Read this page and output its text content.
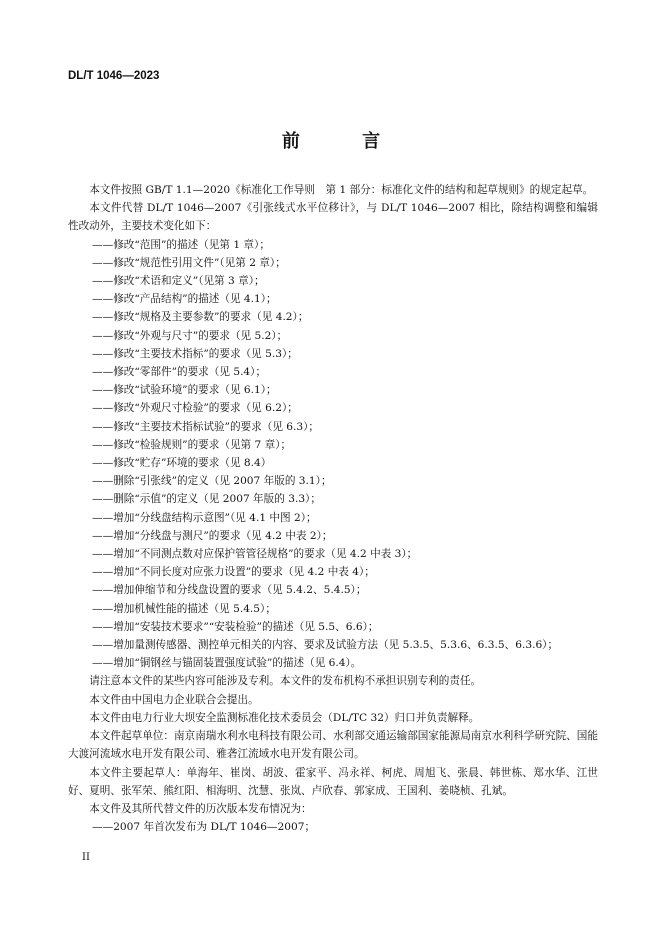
DL/T 1046—2023
前 言

本文件按照 GB/T 1.1—2020《标准化工作导则　第 1 部分：标准化文件的结构和起草规则》的规定起草。

本文件代替 DL/T 1046—2007《引张线式水平位移计》，与 DL/T 1046—2007 相比，除结构调整和编辑性改动外，主要技术变化如下：

——修改“范围”的描述（见第 1 章）；

——修改“规范性引用文件”（见第 2 章）；

——修改“术语和定义”（见第 3 章）；

——修改“产品结构”的描述（见 4.1）；

——修改“规格及主要参数”的要求（见 4.2）；

——修改“外观与尺寸”的要求（见 5.2）；

——修改“主要技术指标”的要求（见 5.3）；

——修改“零部件”的要求（见 5.4）；

——修改“试验环境”的要求（见 6.1）；

——修改“外观尺寸检验”的要求（见 6.2）；

——修改“主要技术指标试验”的要求（见 6.3）；

——修改“检验规则”的要求（见第 7 章）；

——修改“贮存”环境的要求（见 8.4）

——删除“引张线”的定义（见 2007 年版的 3.1）；

——删除“示值”的定义（见 2007 年版的 3.3）；

——增加“分线盘结构示意图”（见 4.1 中图 2）；

——增加“分线盘与测尺”的要求（见 4.2 中表 2）；

——增加“不同测点数对应保护管管径规格”的要求（见 4.2 中表 3）；

——增加“不同长度对应张力设置”的要求（见 4.2 中表 4）；

——增加伸缩节和分线盘设置的要求（见 5.4.2、5.4.5）；

——增加机械性能的描述（见 5.4.5）；

——增加“安装技术要求”“安装检验”的描述（见 5.5、6.6）；

——增加量测传感器、测控单元相关的内容、要求及试验方法（见 5.3.5、5.3.6、6.3.5、6.3.6）；

——增加“铜钢丝与锚固装置强度试验”的描述（见 6.4）。

请注意本文件的某些内容可能涉及专利。本文件的发布机构不承担识别专利的责任。

本文件由中国电力企业联合会提出。

本文件由电力行业大坝安全监测标准化技术委员会（DL/TC 32）归口并负责解释。

本文件起草单位：南京南瑞水利水电科技有限公司、水利部交通运输部国家能源局南京水利科学研究院、国能大渡河流域水电开发有限公司、雅砻江流域水电开发有限公司。

本文件主要起草人：单海年、崔岗、胡波、霍家平、冯永祥、柯虎、周旭飞、张晨、韩世栋、郑水华、江世好、夏明、张军荣、熊红阳、相海明、沈慧、张岚、卢欣春、郭家成、王国利、姜晓桢、孔斌。

本文件及其所代替文件的历次版本发布情况为：

——2007 年首次发布为 DL/T 1046—2007；

II
